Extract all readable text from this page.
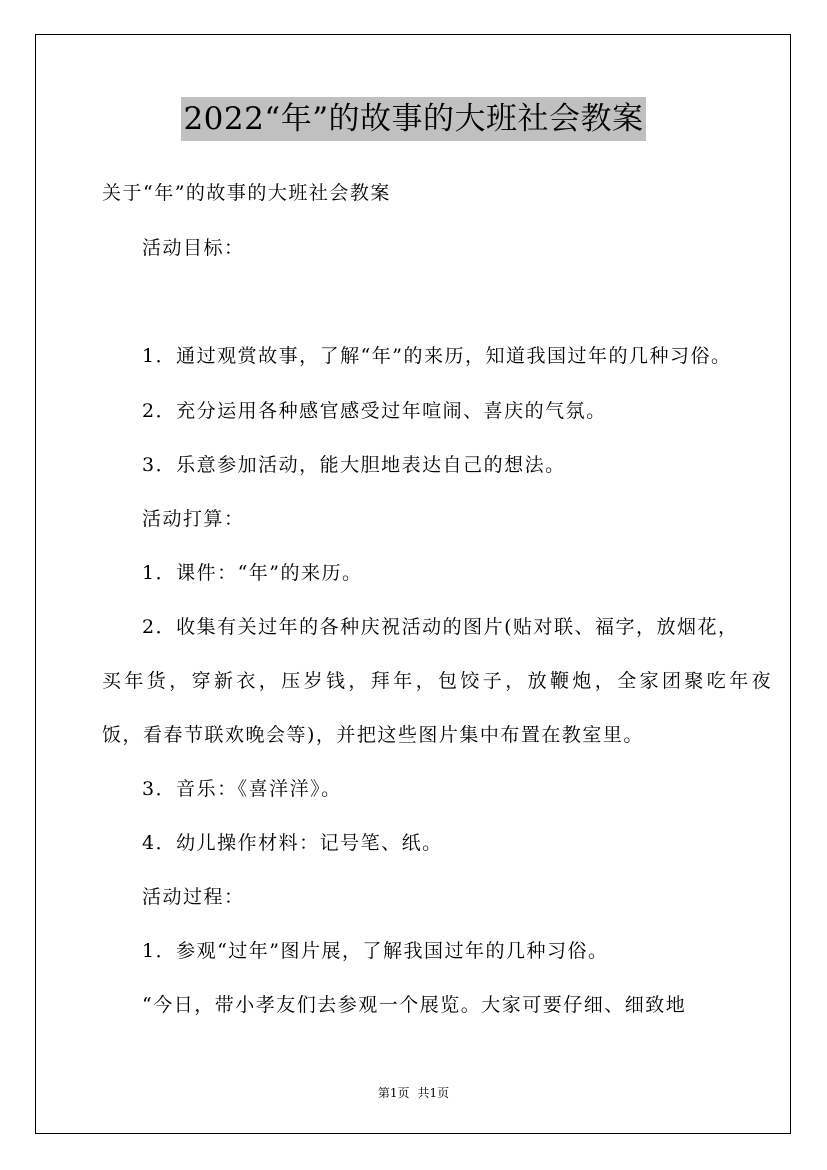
2022“年”的故事的大班社会教案
关于“年”的故事的大班社会教案
活动目标：
1．通过观赏故事，了解“年”的来历，知道我国过年的几种习俗。
2．充分运用各种感官感受过年喧闹、喜庆的气氛。
3．乐意参加活动，能大胆地表达自己的想法。
活动打算：
1．课件：“年”的来历。
2．收集有关过年的各种庆祝活动的图片(贴对联、福字，放烟花，
买年货，穿新衣，压岁钱，拜年，包饺子，放鞭炮，全家团聚吃年夜
饭，看春节联欢晚会等)，并把这些图片集中布置在教室里。
3．音乐：《喜洋洋》。
4．幼儿操作材料：记号笔、纸。
活动过程：
1．参观“过年”图片展，了解我国过年的几种习俗。
“今日，带小孝友们去参观一个展览。大家可要仔细、细致地
第1页 共1页
